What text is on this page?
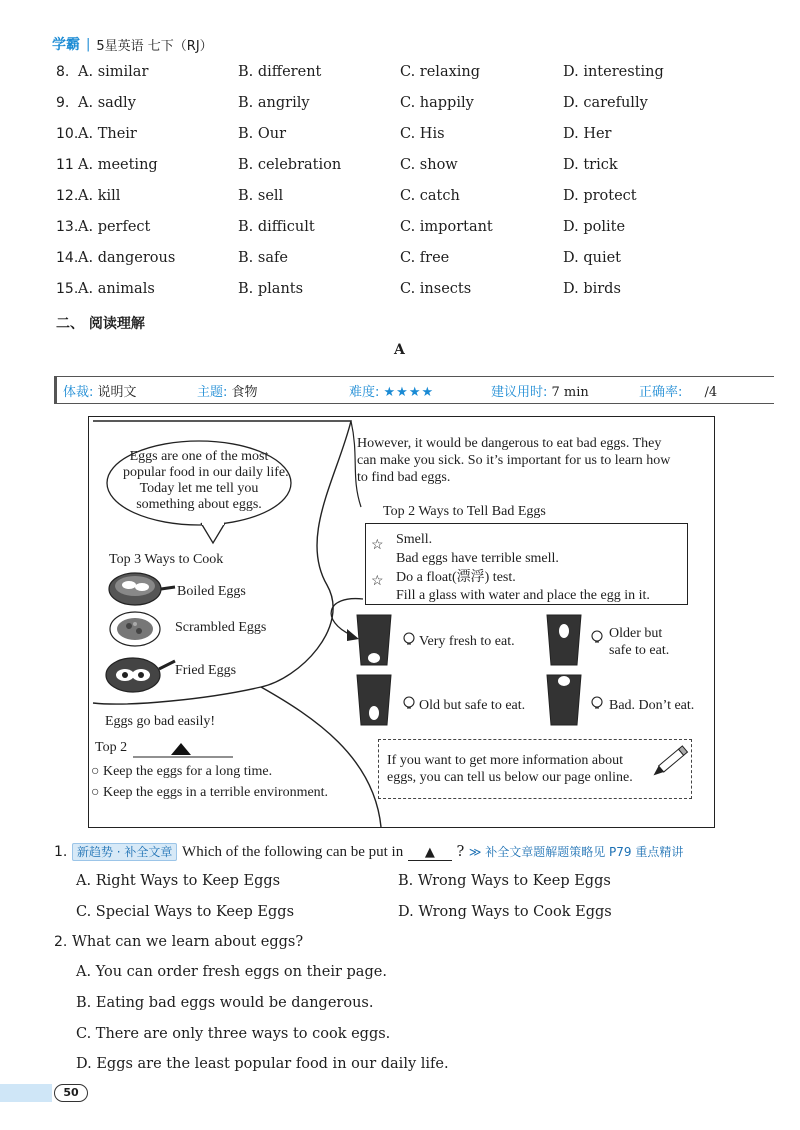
学霸 | 5星英语 七下（RJ）
8. A. similar	B. different	C. relaxing	D. interesting
9. A. sadly	B. angrily	C. happily	D. carefully
10. A. Their	B. Our	C. His	D. Her
11 A. meeting	B. celebration	C. show	D. trick
12. A. kill	B. sell	C. catch	D. protect
13. A. perfect	B. difficult	C. important	D. polite
14. A. dangerous	B. safe	C. free	D. quiet
15. A. animals	B. plants	C. insects	D. birds
二、 阅读理解
A
体裁: 说明文	主题: 食物	难度: ★★★★	建议用时: 7 min	正确率: /4
☆
☆
Eggs are one of the most
popular food in our daily life.
Today let me tell you
something about eggs.
Top 3 Ways to Cook
Boiled Eggs
Scrambled Eggs
Fried Eggs
Eggs go bad easily!
Top 2
○ Keep the eggs for a long time.
○ Keep the eggs in a terrible environment.
However, it would be dangerous to eat bad eggs. They
can make you sick. So it’s important for us to learn how
to find bad eggs.
Top 2 Ways to Tell Bad Eggs
Smell.
Bad eggs have terrible smell.
Do a float(漂浮) test.
Fill a glass with water and place the egg in it.
Very fresh to eat.
Older but
safe to eat.
Old but safe to eat.	Bad. Don’t eat.
If you want to get more information about
eggs, you can tell us below our page online.
1. 新趋势 · 补全文章 Which of the following can be put in ▲ ? ≫ 补全文章题解题策略见 P79 重点精讲
A. Right Ways to Keep Eggs	B. Wrong Ways to Keep Eggs
C. Special Ways to Keep Eggs	D. Wrong Ways to Cook Eggs
2. What can we learn about eggs?
A. You can order fresh eggs on their page.
B. Eating bad eggs would be dangerous.
C. There are only three ways to cook eggs.
D. Eggs are the least popular food in our daily life.
50
